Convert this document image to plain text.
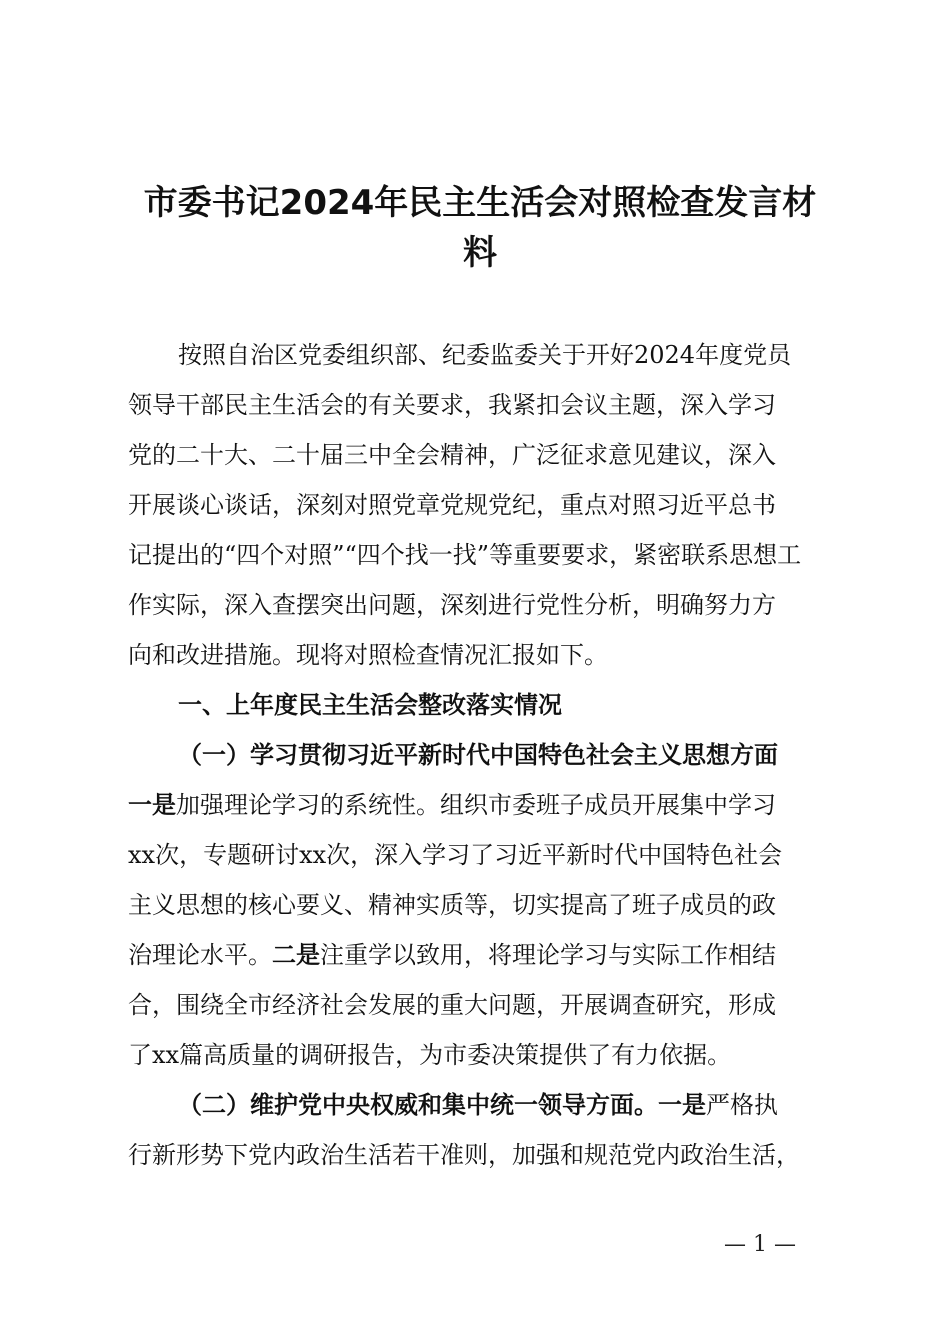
市委书记2024年民主生活会对照检查发言材
料
按照自治区党委组织部、纪委监委关于开好2024年度党员
领导干部民主生活会的有关要求，我紧扣会议主题，深入学习
党的二十大、二十届三中全会精神，广泛征求意见建议，深入
开展谈心谈话，深刻对照党章党规党纪，重点对照习近平总书
记提出的“四个对照”“四个找一找”等重要要求，紧密联系思想工
作实际，深入查摆突出问题，深刻进行党性分析，明确努力方
向和改进措施。现将对照检查情况汇报如下。
一、上年度民主生活会整改落实情况
（一）学习贯彻习近平新时代中国特色社会主义思想方面
一是加强理论学习的系统性。组织市委班子成员开展集中学习
xx次，专题研讨xx次，深入学习了习近平新时代中国特色社会
主义思想的核心要义、精神实质等，切实提高了班子成员的政
治理论水平。二是注重学以致用，将理论学习与实际工作相结
合，围绕全市经济社会发展的重大问题，开展调查研究，形成
了xx篇高质量的调研报告，为市委决策提供了有力依据。
（二）维护党中央权威和集中统一领导方面。一是严格执
行新形势下党内政治生活若干准则，加强和规范党内政治生活，
— 1 —
